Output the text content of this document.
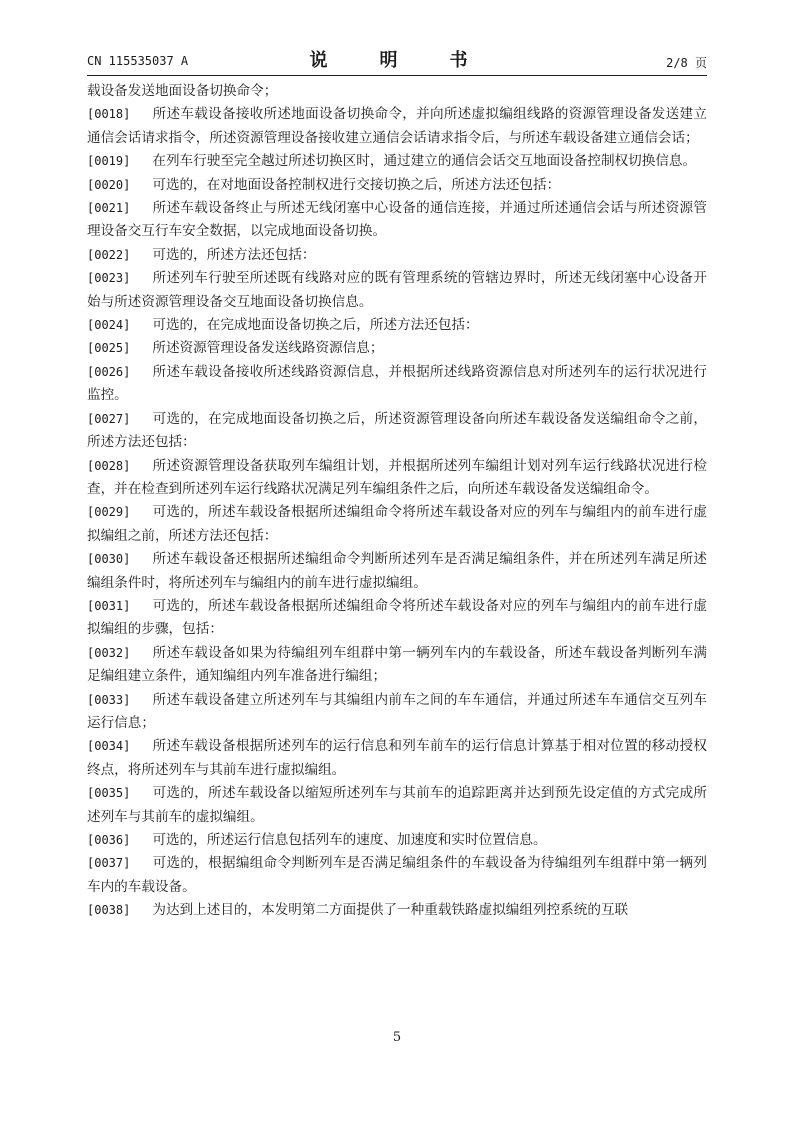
CN 115535037 A	说　明　书	2/8 页

载设备发送地面设备切换命令；

[0018] 所述车载设备接收所述地面设备切换命令，并向所述虚拟编组线路的资源管理设备发送建立通信会话请求指令，所述资源管理设备接收建立通信会话请求指令后，与所述车载设备建立通信会话；

[0019] 在列车行驶至完全越过所述切换区时，通过建立的通信会话交互地面设备控制权切换信息。

[0020] 可选的，在对地面设备控制权进行交接切换之后，所述方法还包括：

[0021] 所述车载设备终止与所述无线闭塞中心设备的通信连接，并通过所述通信会话与所述资源管理设备交互行车安全数据，以完成地面设备切换。

[0022] 可选的，所述方法还包括：

[0023] 所述列车行驶至所述既有线路对应的既有管理系统的管辖边界时，所述无线闭塞中心设备开始与所述资源管理设备交互地面设备切换信息。

[0024] 可选的，在完成地面设备切换之后，所述方法还包括：

[0025] 所述资源管理设备发送线路资源信息；

[0026] 所述车载设备接收所述线路资源信息，并根据所述线路资源信息对所述列车的运行状况进行监控。

[0027] 可选的，在完成地面设备切换之后，所述资源管理设备向所述车载设备发送编组命令之前，所述方法还包括：

[0028] 所述资源管理设备获取列车编组计划，并根据所述列车编组计划对列车运行线路状况进行检查，并在检查到所述列车运行线路状况满足列车编组条件之后，向所述车载设备发送编组命令。

[0029] 可选的，所述车载设备根据所述编组命令将所述车载设备对应的列车与编组内的前车进行虚拟编组之前，所述方法还包括：

[0030] 所述车载设备还根据所述编组命令判断所述列车是否满足编组条件，并在所述列车满足所述编组条件时，将所述列车与编组内的前车进行虚拟编组。

[0031] 可选的，所述车载设备根据所述编组命令将所述车载设备对应的列车与编组内的前车进行虚拟编组的步骤，包括：

[0032] 所述车载设备如果为待编组列车组群中第一辆列车内的车载设备，所述车载设备判断列车满足编组建立条件，通知编组内列车准备进行编组；

[0033] 所述车载设备建立所述列车与其编组内前车之间的车车通信，并通过所述车车通信交互列车运行信息；

[0034] 所述车载设备根据所述列车的运行信息和列车前车的运行信息计算基于相对位置的移动授权终点，将所述列车与其前车进行虚拟编组。

[0035] 可选的，所述车载设备以缩短所述列车与其前车的追踪距离并达到预先设定值的方式完成所述列车与其前车的虚拟编组。

[0036] 可选的，所述运行信息包括列车的速度、加速度和实时位置信息。

[0037] 可选的，根据编组命令判断列车是否满足编组条件的车载设备为待编组列车组群中第一辆列车内的车载设备。

[0038] 为达到上述目的，本发明第二方面提供了一种重载铁路虚拟编组列控系统的互联

5
